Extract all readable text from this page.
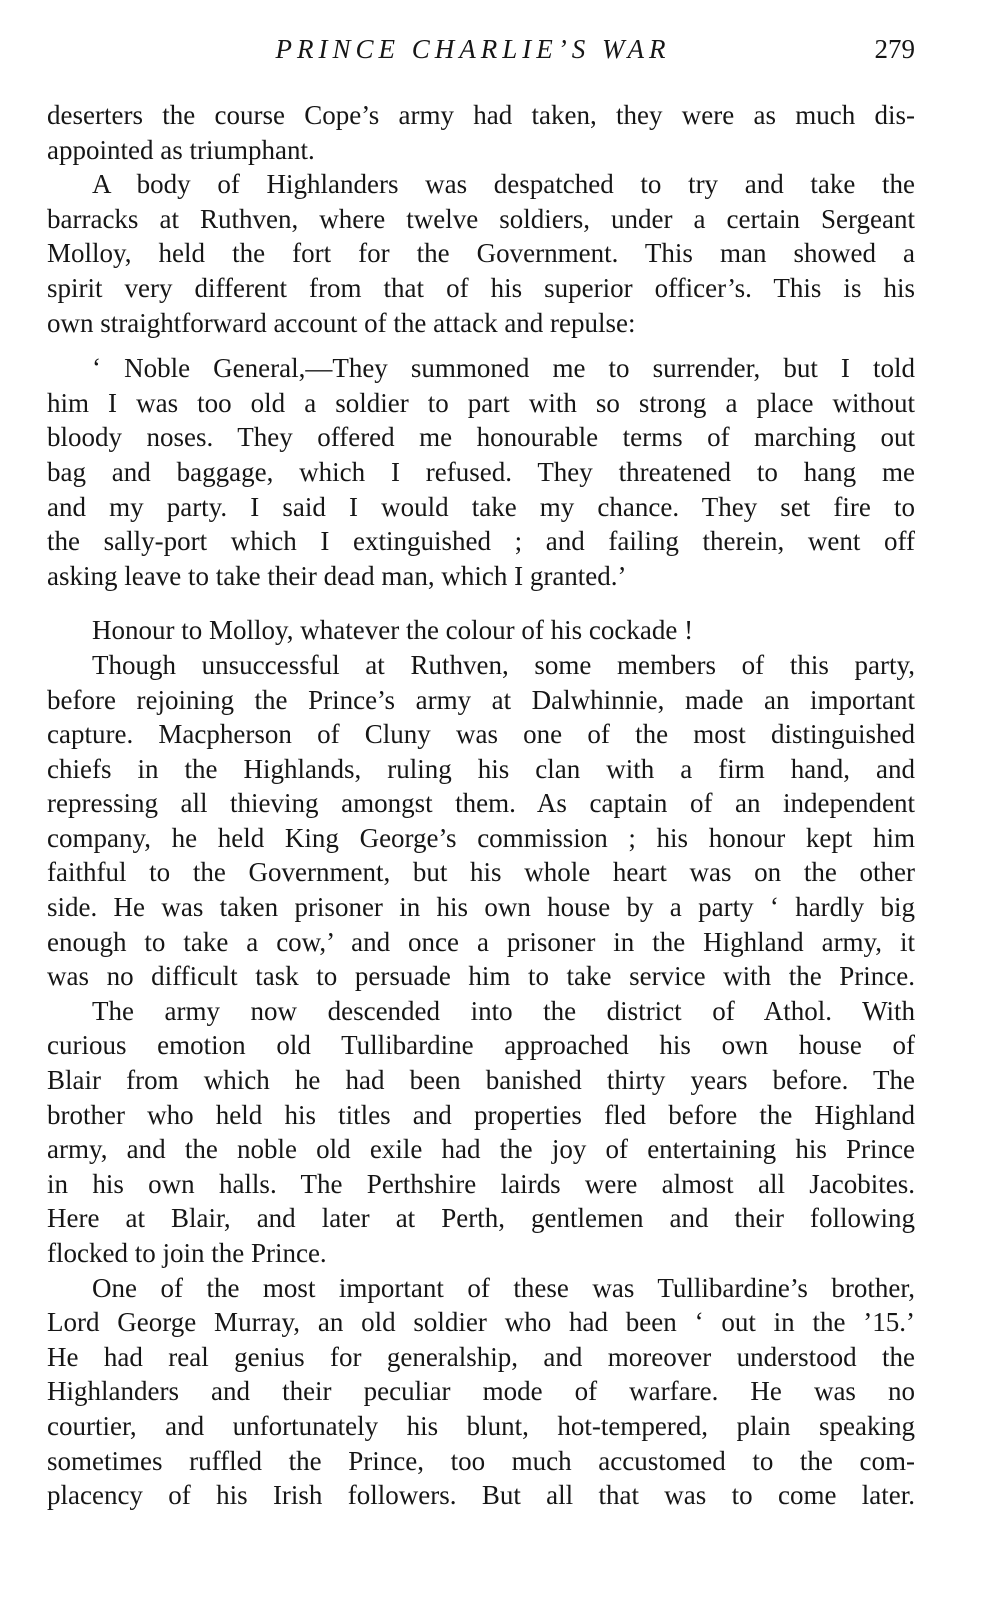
PRINCE CHARLIE’S WAR	279
deserters the course Cope’s army had taken, they were as much dis-
appointed as triumphant.
A body of Highlanders was despatched to try and take the
barracks at Ruthven, where twelve soldiers, under a certain Sergeant
Molloy, held the fort for the Government. This man showed a
spirit very different from that of his superior officer’s. This is his
own straightforward account of the attack and repulse:
‘ Noble General,—They summoned me to surrender, but I told
him I was too old a soldier to part with so strong a place without
bloody noses. They offered me honourable terms of marching out
bag and baggage, which I refused. They threatened to hang me
and my party. I said I would take my chance. They set fire to
the sally-port which I extinguished ; and failing therein, went off
asking leave to take their dead man, which I granted.’
Honour to Molloy, whatever the colour of his cockade !
Though unsuccessful at Ruthven, some members of this party,
before rejoining the Prince’s army at Dalwhinnie, made an important
capture. Macpherson of Cluny was one of the most distinguished
chiefs in the Highlands, ruling his clan with a firm hand, and
repressing all thieving amongst them. As captain of an independent
company, he held King George’s commission ; his honour kept him
faithful to the Government, but his whole heart was on the other
side. He was taken prisoner in his own house by a party ‘ hardly big
enough to take a cow,’ and once a prisoner in the Highland army, it
was no difficult task to persuade him to take service with the Prince.
The army now descended into the district of Athol. With
curious emotion old Tullibardine approached his own house of
Blair from which he had been banished thirty years before. The
brother who held his titles and properties fled before the Highland
army, and the noble old exile had the joy of entertaining his Prince
in his own halls. The Perthshire lairds were almost all Jacobites.
Here at Blair, and later at Perth, gentlemen and their following
flocked to join the Prince.
One of the most important of these was Tullibardine’s brother,
Lord George Murray, an old soldier who had been ‘ out in the ’15.’
He had real genius for generalship, and moreover understood the
Highlanders and their peculiar mode of warfare. He was no
courtier, and unfortunately his blunt, hot-tempered, plain speaking
sometimes ruffled the Prince, too much accustomed to the com-
placency of his Irish followers. But all that was to come later.
